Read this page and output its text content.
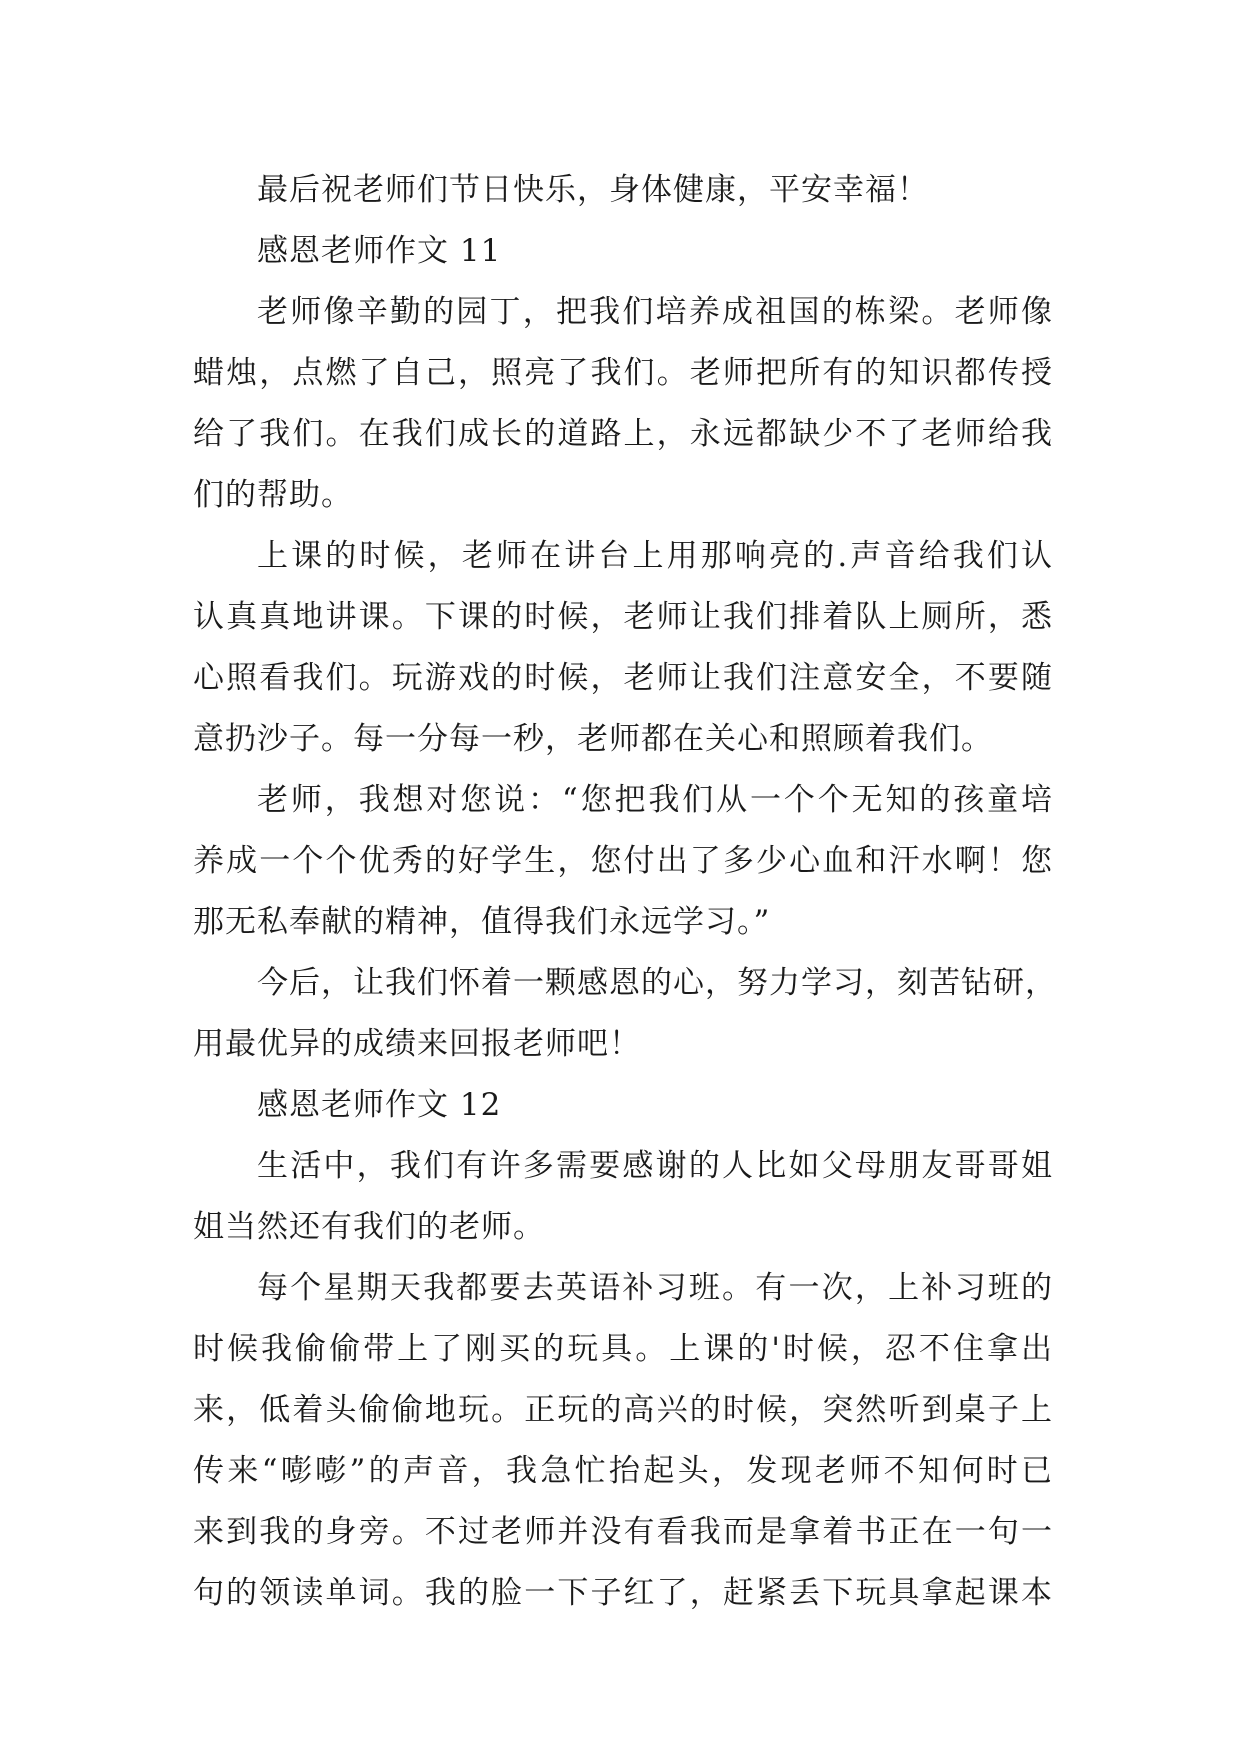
最后祝老师们节日快乐，身体健康，平安幸福！
感恩老师作文 11
老师像辛勤的园丁，把我们培养成祖国的栋梁。老师像
蜡烛，点燃了自己，照亮了我们。老师把所有的知识都传授
给了我们。在我们成长的道路上，永远都缺少不了老师给我
们的帮助。
上课的时候，老师在讲台上用那响亮的.声音给我们认
认真真地讲课。下课的时候，老师让我们排着队上厕所，悉
心照看我们。玩游戏的时候，老师让我们注意安全，不要随
意扔沙子。每一分每一秒，老师都在关心和照顾着我们。
老师，我想对您说：“您把我们从一个个无知的孩童培
养成一个个优秀的好学生，您付出了多少心血和汗水啊！您
那无私奉献的精神，值得我们永远学习。”
今后，让我们怀着一颗感恩的心，努力学习，刻苦钻研，
用最优异的成绩来回报老师吧！
感恩老师作文 12
生活中，我们有许多需要感谢的人比如父母朋友哥哥姐
姐当然还有我们的老师。
每个星期天我都要去英语补习班。有一次，上补习班的
时候我偷偷带上了刚买的玩具。上课的'时候，忍不住拿出
来，低着头偷偷地玩。正玩的高兴的时候，突然听到桌子上
传来“嘭嘭”的声音，我急忙抬起头，发现老师不知何时已
来到我的身旁。不过老师并没有看我而是拿着书正在一句一
句的领读单词。我的脸一下子红了，赶紧丢下玩具拿起课本
